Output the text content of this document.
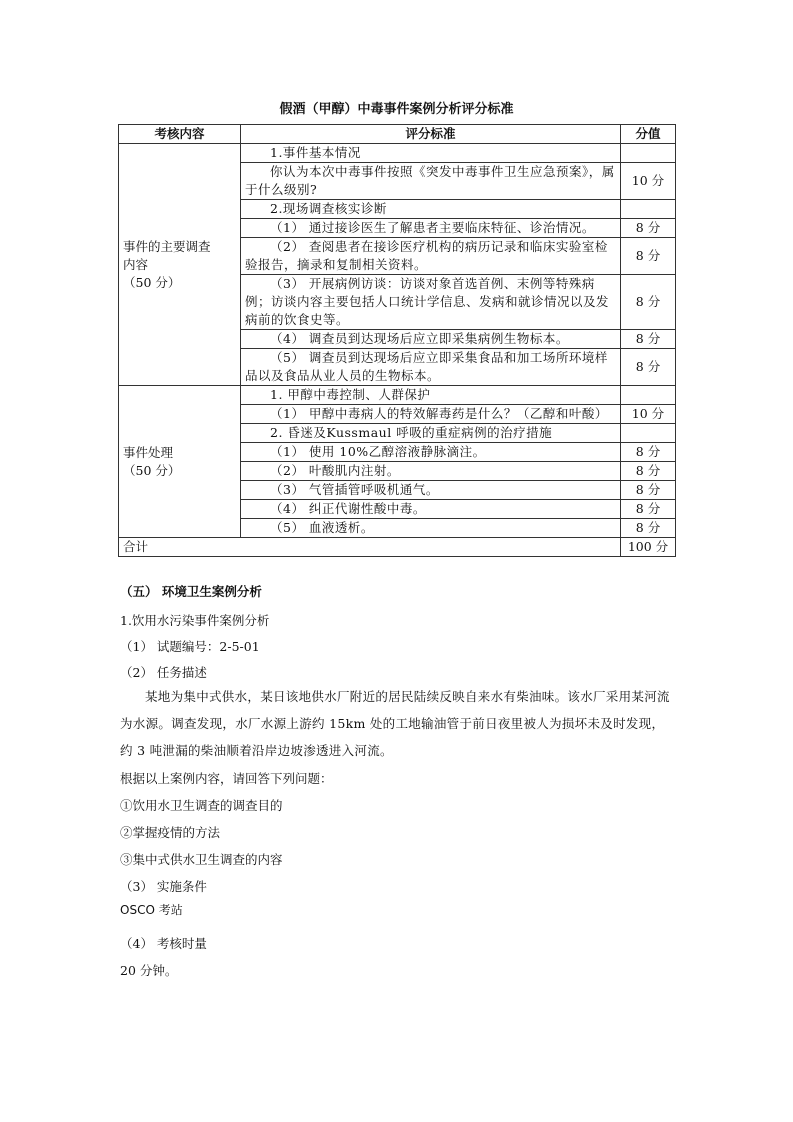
假酒（甲醇）中毒事件案例分析评分标准
考核内容	评分标准	分值

事件的主要调查
内容
（50 分）	1.事件基本情况	
	你认为本次中毒事件按照《突发中毒事件卫生应急预案》，属于什么级别?	10 分
	2.现场调查核实诊断	
	（1） 通过接诊医生了解患者主要临床特征、诊治情况。	8 分
	（2） 查阅患者在接诊医疗机构的病历记录和临床实验室检验报告，摘录和复制相关资料。	8 分
	（3） 开展病例访谈：访谈对象首选首例、末例等特殊病例；访谈内容主要包括人口统计学信息、发病和就诊情况以及发病前的饮食史等。	8 分
	（4） 调查员到达现场后应立即采集病例生物标本。	8 分
	（5） 调查员到达现场后应立即采集食品和加工场所环境样品以及食品从业人员的生物标本。	8 分

事件处理
（50 分）	1. 甲醇中毒控制、人群保护	
	（1） 甲醇中毒病人的特效解毒药是什么？（乙醇和叶酸）	10 分
	2. 昏迷及Kussmaul 呼吸的重症病例的治疗措施	
	（1） 使用 10%乙醇溶液静脉滴注。	8 分
	（2） 叶酸肌内注射。	8 分
	（3） 气管插管呼吸机通气。	8 分
	（4） 纠正代谢性酸中毒。	8 分
	（5） 血液透析。	8 分
合计		100 分
（五） 环境卫生案例分析
1.饮用水污染事件案例分析
（1） 试题编号：2-5-01
（2） 任务描述
某地为集中式供水，某日该地供水厂附近的居民陆续反映自来水有柴油味。该水厂采用某河流为水源。调查发现，水厂水源上游约 15km 处的工地输油管于前日夜里被人为损坏未及时发现，约 3 吨泄漏的柴油顺着沿岸边坡渗透进入河流。
根据以上案例内容，请回答下列问题：
①饮用水卫生调查的调查目的
②掌握疫情的方法
③集中式供水卫生调查的内容
（3） 实施条件
OSCO 考站
（4） 考核时量
20 分钟。
